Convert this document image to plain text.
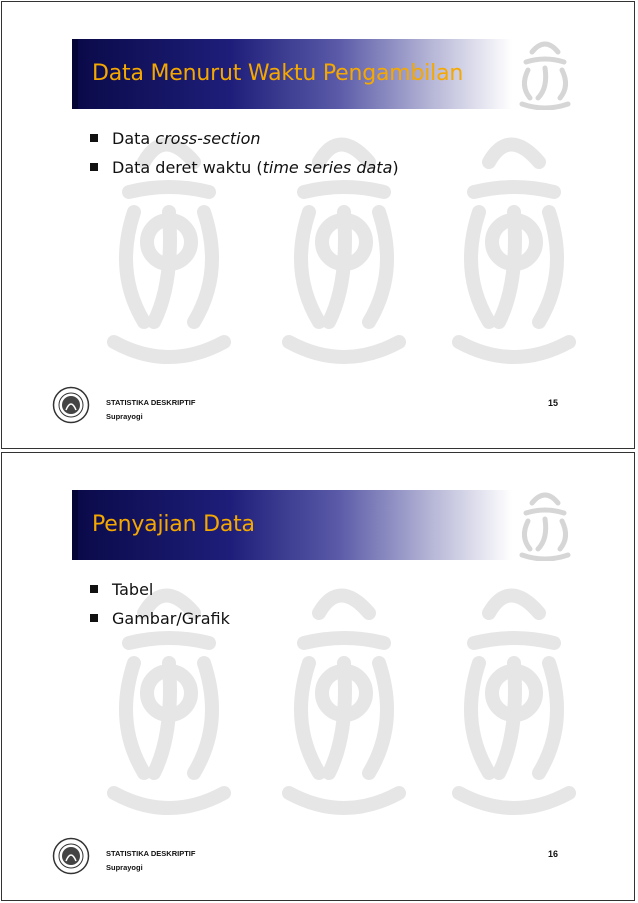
Data Menurut Waktu Pengambilan
Data cross-section
Data deret waktu (time series data)
STATISTIKA DESKRIPTIF
Suprayogi
15
Penyajian Data
Tabel
Gambar/Grafik
STATISTIKA DESKRIPTIF
Suprayogi
16
